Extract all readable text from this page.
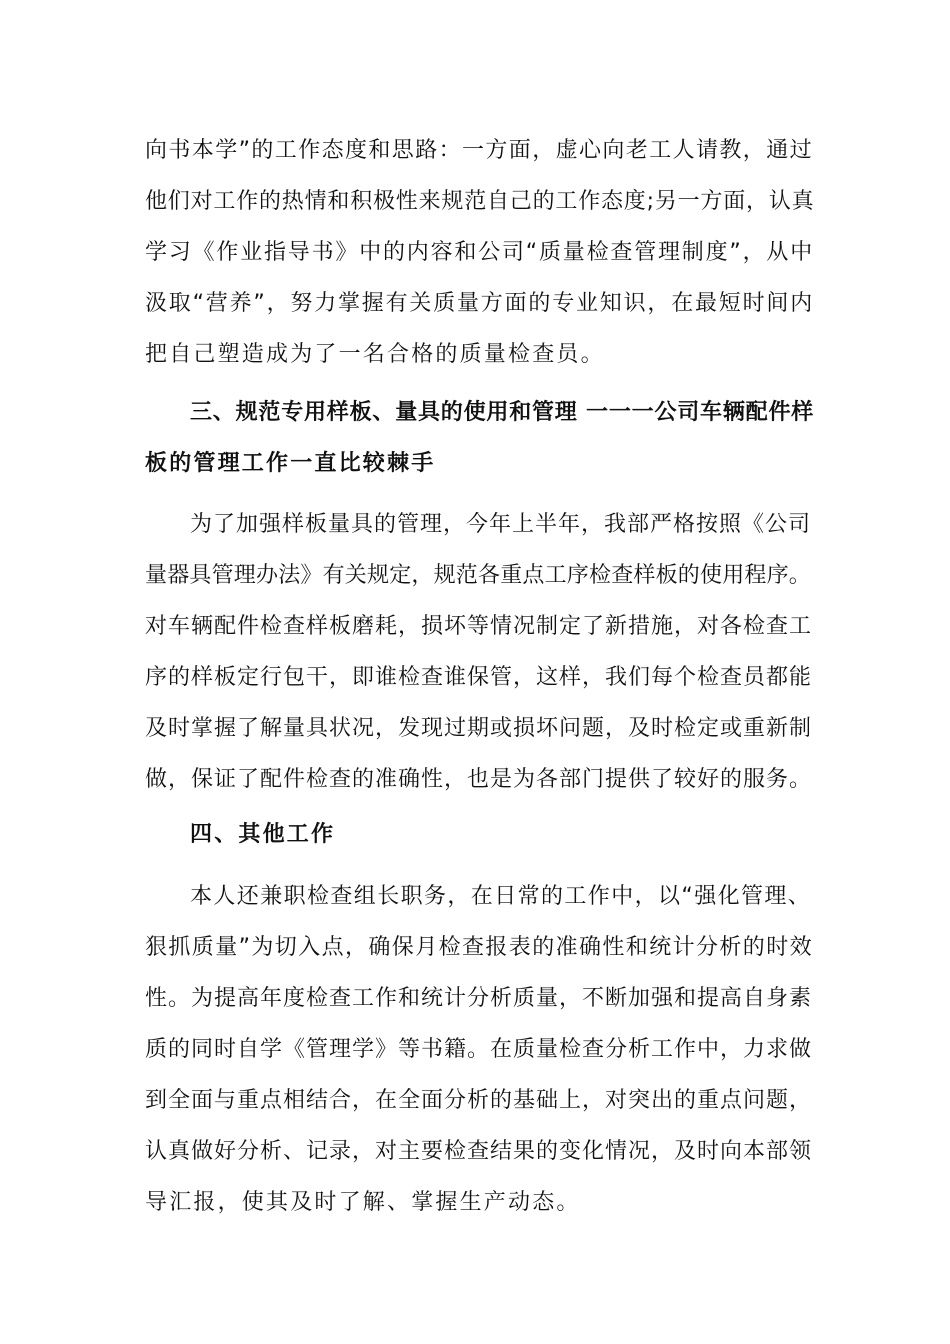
向书本学”的工作态度和思路：一方面，虚心向老工人请教，通过
他们对工作的热情和积极性来规范自己的工作态度;另一方面，认真
学习《作业指导书》中的内容和公司“质量检查管理制度”，从中
汲取“营养”，努力掌握有关质量方面的专业知识，在最短时间内
把自己塑造成为了一名合格的质量检查员。
三、规范专用样板、量具的使用和管理 一一一公司车辆配件样
板的管理工作一直比较棘手
为了加强样板量具的管理，今年上半年，我部严格按照《公司
量器具管理办法》有关规定，规范各重点工序检查样板的使用程序。
对车辆配件检查样板磨耗，损坏等情况制定了新措施，对各检查工
序的样板定行包干，即谁检查谁保管，这样，我们每个检查员都能
及时掌握了解量具状况，发现过期或损坏问题，及时检定或重新制
做，保证了配件检查的准确性，也是为各部门提供了较好的服务。
四、其他工作
本人还兼职检查组长职务，在日常的工作中，以“强化管理、
狠抓质量”为切入点，确保月检查报表的准确性和统计分析的时效
性。为提高年度检查工作和统计分析质量，不断加强和提高自身素
质的同时自学《管理学》等书籍。在质量检查分析工作中，力求做
到全面与重点相结合，在全面分析的基础上，对突出的重点问题，
认真做好分析、记录，对主要检查结果的变化情况，及时向本部领
导汇报，使其及时了解、掌握生产动态。
